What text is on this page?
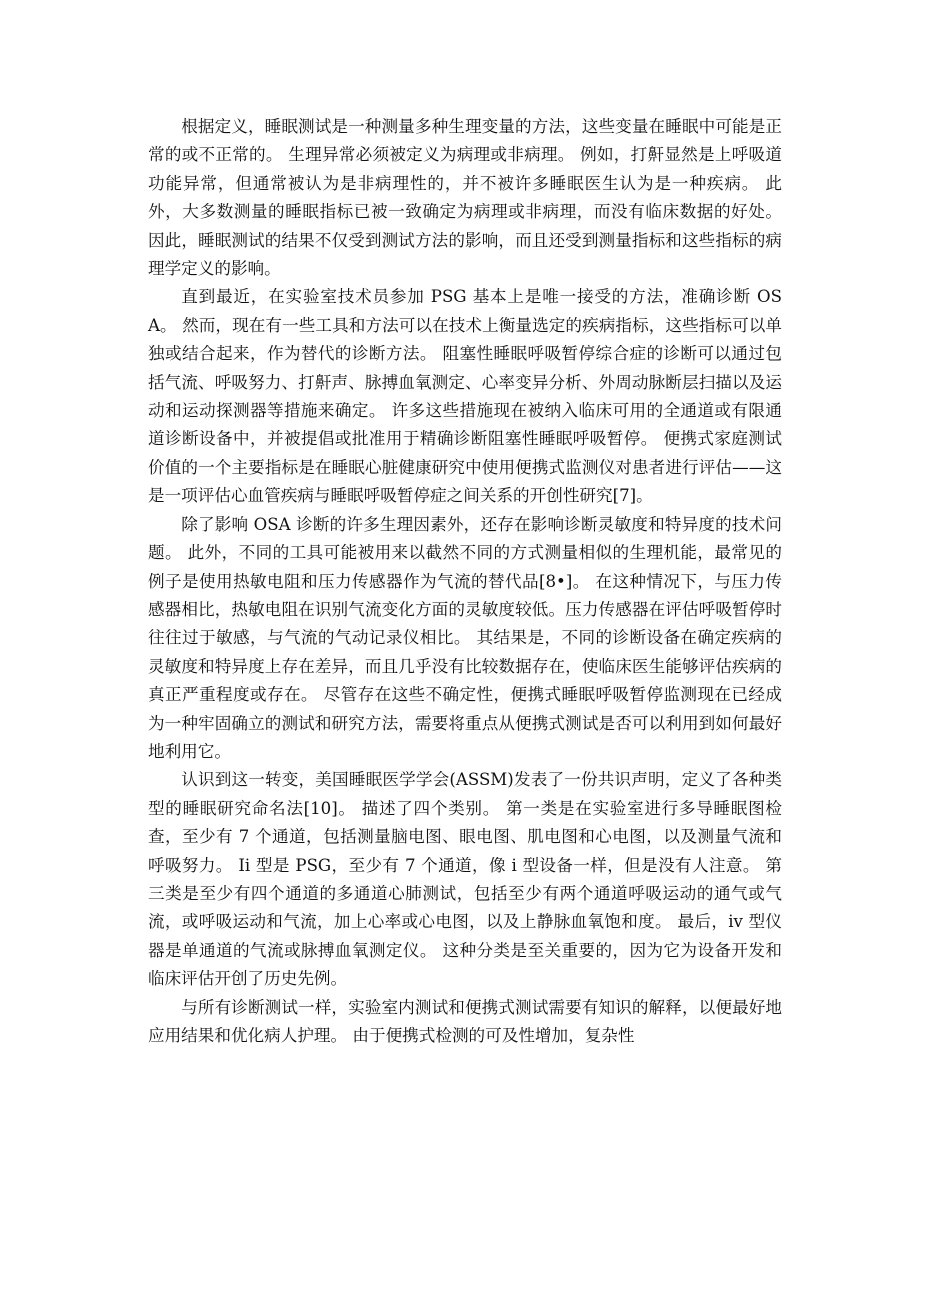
根据定义，睡眠测试是一种测量多种生理变量的方法，这些变量在睡眠中可能是正常的或不正常的。 生理异常必须被定义为病理或非病理。 例如，打鼾显然是上呼吸道功能异常，但通常被认为是非病理性的，并不被许多睡眠医生认为是一种疾病。 此外，大多数测量的睡眠指标已被一致确定为病理或非病理，而没有临床数据的好处。 因此，睡眠测试的结果不仅受到测试方法的影响，而且还受到测量指标和这些指标的病理学定义的影响。

直到最近，在实验室技术员参加 PSG 基本上是唯一接受的方法，准确诊断 OSA。 然而，现在有一些工具和方法可以在技术上衡量选定的疾病指标，这些指标可以单独或结合起来，作为替代的诊断方法。 阻塞性睡眠呼吸暂停综合症的诊断可以通过包括气流、呼吸努力、打鼾声、脉搏血氧测定、心率变异分析、外周动脉断层扫描以及运动和运动探测器等措施来确定。 许多这些措施现在被纳入临床可用的全通道或有限通道诊断设备中，并被提倡或批准用于精确诊断阻塞性睡眠呼吸暂停。 便携式家庭测试价值的一个主要指标是在睡眠心脏健康研究中使用便携式监测仪对患者进行评估——这是一项评估心血管疾病与睡眠呼吸暂停症之间关系的开创性研究[7]。

除了影响 OSA 诊断的许多生理因素外，还存在影响诊断灵敏度和特异度的技术问题。 此外，不同的工具可能被用来以截然不同的方式测量相似的生理机能，最常见的例子是使用热敏电阻和压力传感器作为气流的替代品[8•]。 在这种情况下，与压力传感器相比，热敏电阻在识别气流变化方面的灵敏度较低。压力传感器在评估呼吸暂停时往往过于敏感，与气流的气动记录仪相比。 其结果是，不同的诊断设备在确定疾病的灵敏度和特异度上存在差异，而且几乎没有比较数据存在，使临床医生能够评估疾病的真正严重程度或存在。 尽管存在这些不确定性，便携式睡眠呼吸暂停监测现在已经成为一种牢固确立的测试和研究方法，需要将重点从便携式测试是否可以利用到如何最好地利用它。

认识到这一转变，美国睡眠医学学会(ASSM)发表了一份共识声明，定义了各种类型的睡眠研究命名法[10]。 描述了四个类别。 第一类是在实验室进行多导睡眠图检查，至少有 7 个通道，包括测量脑电图、眼电图、肌电图和心电图，以及测量气流和呼吸努力。 Ii 型是 PSG，至少有 7 个通道，像 i 型设备一样，但是没有人注意。 第三类是至少有四个通道的多通道心肺测试，包括至少有两个通道呼吸运动的通气或气流，或呼吸运动和气流，加上心率或心电图，以及上静脉血氧饱和度。 最后，iv 型仪器是单通道的气流或脉搏血氧测定仪。 这种分类是至关重要的，因为它为设备开发和临床评估开创了历史先例。

与所有诊断测试一样，实验室内测试和便携式测试需要有知识的解释，以便最好地应用结果和优化病人护理。 由于便携式检测的可及性增加，复杂性
